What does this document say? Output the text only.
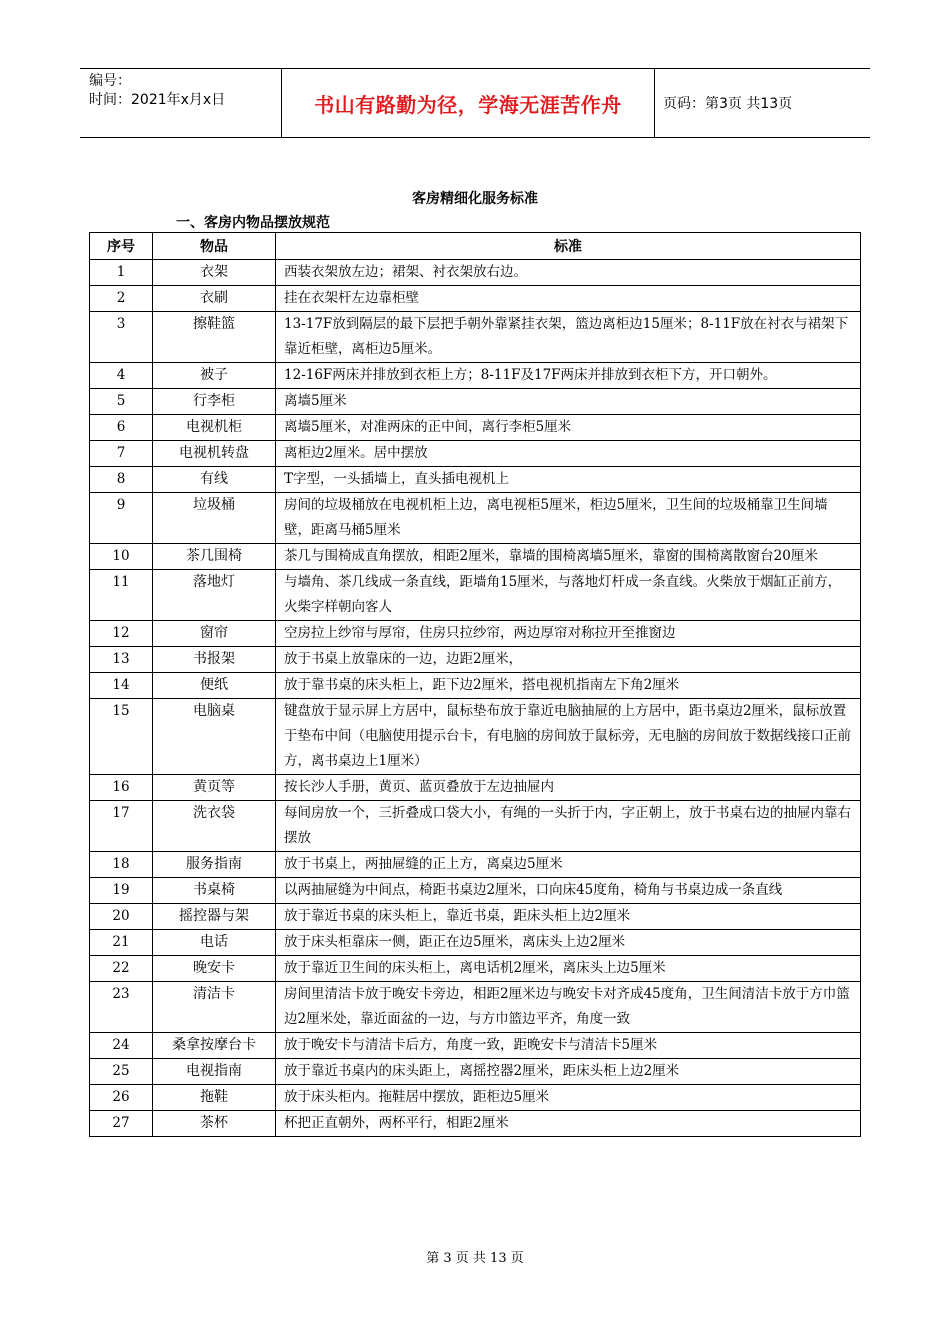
编号：
时间：2021年x月x日	书山有路勤为径，学海无涯苦作舟	页码：第3页 共13页
客房精细化服务标准
一、客房内物品摆放规范
序号	物品	标准
1	衣架	西装衣架放左边；裙架、衬衣架放右边。
2	衣刷	挂在衣架杆左边靠柜壁
3	擦鞋篮	13-17F放到隔层的最下层把手朝外靠紧挂衣架，篮边离柜边15厘米；8-11F放在衬衣与裙架下靠近柜壁，离柜边5厘米。
4	被子	12-16F两床并排放到衣柜上方；8-11F及17F两床并排放到衣柜下方，开口朝外。
5	行李柜	离墙5厘米
6	电视机柜	离墙5厘米，对准两床的正中间，离行李柜5厘米
7	电视机转盘	离柜边2厘米。居中摆放
8	有线	T字型，一头插墙上，直头插电视机上
9	垃圾桶	房间的垃圾桶放在电视机柜上边，离电视柜5厘米，柜边5厘米，卫生间的垃圾桶靠卫生间墙壁，距离马桶5厘米
10	茶几围椅	茶几与围椅成直角摆放，相距2厘米，靠墙的围椅离墙5厘米，靠窗的围椅离散窗台20厘米
11	落地灯	与墙角、茶几线成一条直线，距墙角15厘米，与落地灯杆成一条直线。火柴放于烟缸正前方，火柴字样朝向客人
12	窗帘	空房拉上纱帘与厚帘，住房只拉纱帘，两边厚帘对称拉开至推窗边
13	书报架	放于书桌上放靠床的一边，边距2厘米，
14	便纸	放于靠书桌的床头柜上，距下边2厘米，搭电视机指南左下角2厘米
15	电脑桌	键盘放于显示屏上方居中，鼠标垫布放于靠近电脑抽屉的上方居中，距书桌边2厘米，鼠标放置于垫布中间（电脑使用提示台卡，有电脑的房间放于鼠标旁，无电脑的房间放于数据线接口正前方，离书桌边上1厘米）
16	黄页等	按长沙人手册，黄页、蓝页叠放于左边抽屉内
17	洗衣袋	每间房放一个，三折叠成口袋大小，有绳的一头折于内，字正朝上，放于书桌右边的抽屉内靠右摆放
18	服务指南	放于书桌上，两抽屉缝的正上方，离桌边5厘米
19	书桌椅	以两抽屉缝为中间点，椅距书桌边2厘米，口向床45度角，椅角与书桌边成一条直线
20	摇控器与架	放于靠近书桌的床头柜上，靠近书桌，距床头柜上边2厘米
21	电话	放于床头柜靠床一侧，距正在边5厘米，离床头上边2厘米
22	晚安卡	放于靠近卫生间的床头柜上，离电话机2厘米，离床头上边5厘米
23	清洁卡	房间里清洁卡放于晚安卡旁边，相距2厘米边与晚安卡对齐成45度角，卫生间清洁卡放于方巾篮边2厘米处，靠近面盆的一边，与方巾篮边平齐，角度一致
24	桑拿按摩台卡	放于晚安卡与清洁卡后方，角度一致，距晚安卡与清洁卡5厘米
25	电视指南	放于靠近书桌内的床头距上，离摇控器2厘米，距床头柜上边2厘米
26	拖鞋	放于床头柜内。拖鞋居中摆放，距柜边5厘米
27	茶杯	杯把正直朝外，两杯平行，相距2厘米
第 3 页 共 13 页
